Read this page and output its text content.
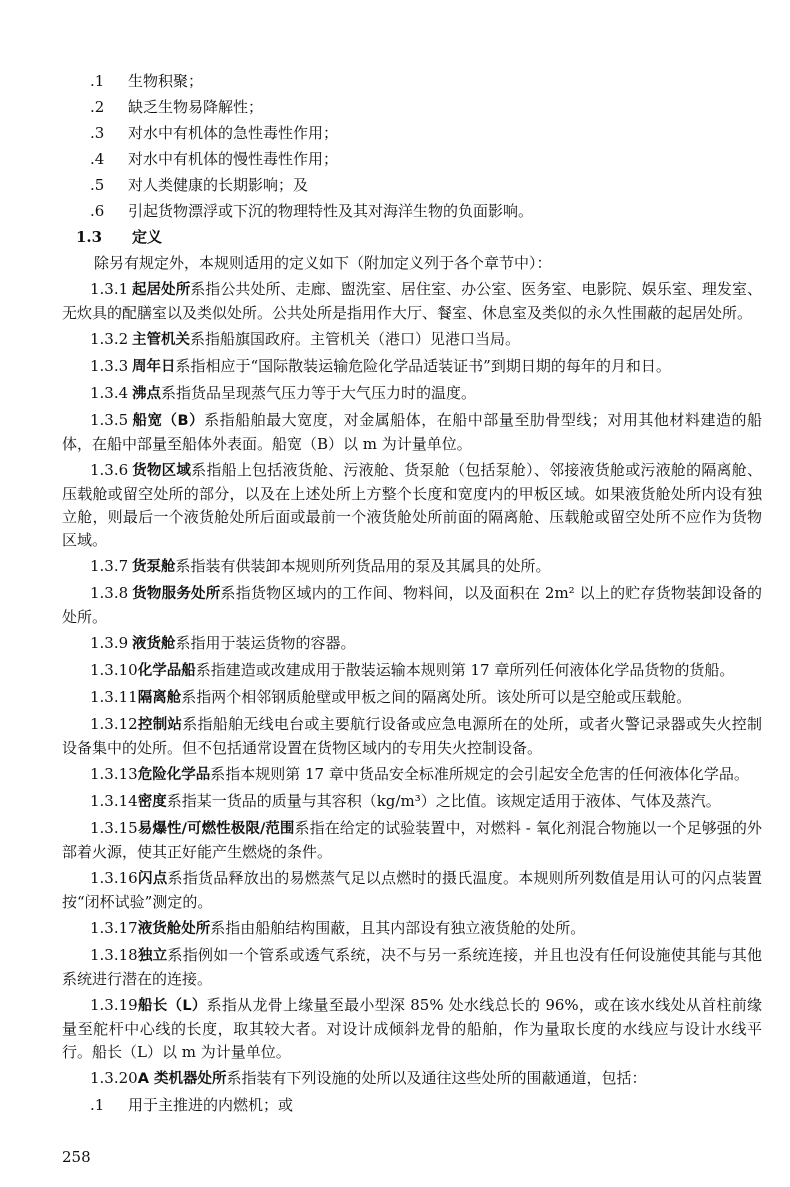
.1 生物积聚；
.2 缺乏生物易降解性；
.3 对水中有机体的急性毒性作用；
.4 对水中有机体的慢性毒性作用；
.5 对人类健康的长期影响；及
.6 引起货物漂浮或下沉的物理特性及其对海洋生物的负面影响。
1.3 定义
除另有规定外，本规则适用的定义如下（附加定义列于各个章节中）：
1.3.1 起居处所系指公共处所、走廊、盥洗室、居住室、办公室、医务室、电影院、娱乐室、理发室、无炊具的配膳室以及类似处所。公共处所是指用作大厅、餐室、休息室及类似的永久性围蔽的起居处所。
1.3.2 主管机关系指船旗国政府。主管机关（港口）见港口当局。
1.3.3 周年日系指相应于“国际散装运输危险化学品适装证书”到期日期的每年的月和日。
1.3.4 沸点系指货品呈现蒸气压力等于大气压力时的温度。
1.3.5 船宽（B）系指船舶最大宽度，对金属船体，在船中部量至肋骨型线；对用其他材料建造的船体，在船中部量至船体外表面。船宽（B）以 m 为计量单位。
1.3.6 货物区域系指船上包括液货舱、污液舱、货泵舱（包括泵舱）、邻接液货舱或污液舱的隔离舱、压载舱或留空处所的部分，以及在上述处所上方整个长度和宽度内的甲板区域。如果液货舱处所内设有独立舱，则最后一个液货舱处所后面或最前一个液货舱处所前面的隔离舱、压载舱或留空处所不应作为货物区域。
1.3.7 货泵舱系指装有供装卸本规则所列货品用的泵及其属具的处所。
1.3.8 货物服务处所系指货物区域内的工作间、物料间，以及面积在 2m² 以上的贮存货物装卸设备的处所。
1.3.9 液货舱系指用于装运货物的容器。
1.3.10化学品船系指建造或改建成用于散装运输本规则第 17 章所列任何液体化学品货物的货船。
1.3.11隔离舱系指两个相邻钢质舱壁或甲板之间的隔离处所。该处所可以是空舱或压载舱。
1.3.12控制站系指船舶无线电台或主要航行设备或应急电源所在的处所，或者火警记录器或失火控制设备集中的处所。但不包括通常设置在货物区域内的专用失火控制设备。
1.3.13危险化学品系指本规则第 17 章中货品安全标准所规定的会引起安全危害的任何液体化学品。
1.3.14密度系指某一货品的质量与其容积（kg/m³）之比值。该规定适用于液体、气体及蒸汽。
1.3.15易爆性/可燃性极限/范围系指在给定的试验装置中，对燃料 - 氧化剂混合物施以一个足够强的外部着火源，使其正好能产生燃烧的条件。
1.3.16闪点系指货品释放出的易燃蒸气足以点燃时的摄氏温度。本规则所列数值是用认可的闪点装置按“闭杯试验”测定的。
1.3.17液货舱处所系指由船舶结构围蔽，且其内部设有独立液货舱的处所。
1.3.18独立系指例如一个管系或透气系统，决不与另一系统连接，并且也没有任何设施使其能与其他系统进行潜在的连接。
1.3.19船长（L）系指从龙骨上缘量至最小型深 85% 处水线总长的 96%，或在该水线处从首柱前缘量至舵杆中心线的长度，取其较大者。对设计成倾斜龙骨的船舶，作为量取长度的水线应与设计水线平行。船长（L）以 m 为计量单位。
1.3.20A 类机器处所系指装有下列设施的处所以及通往这些处所的围蔽通道，包括：
.1 用于主推进的内燃机；或
258
